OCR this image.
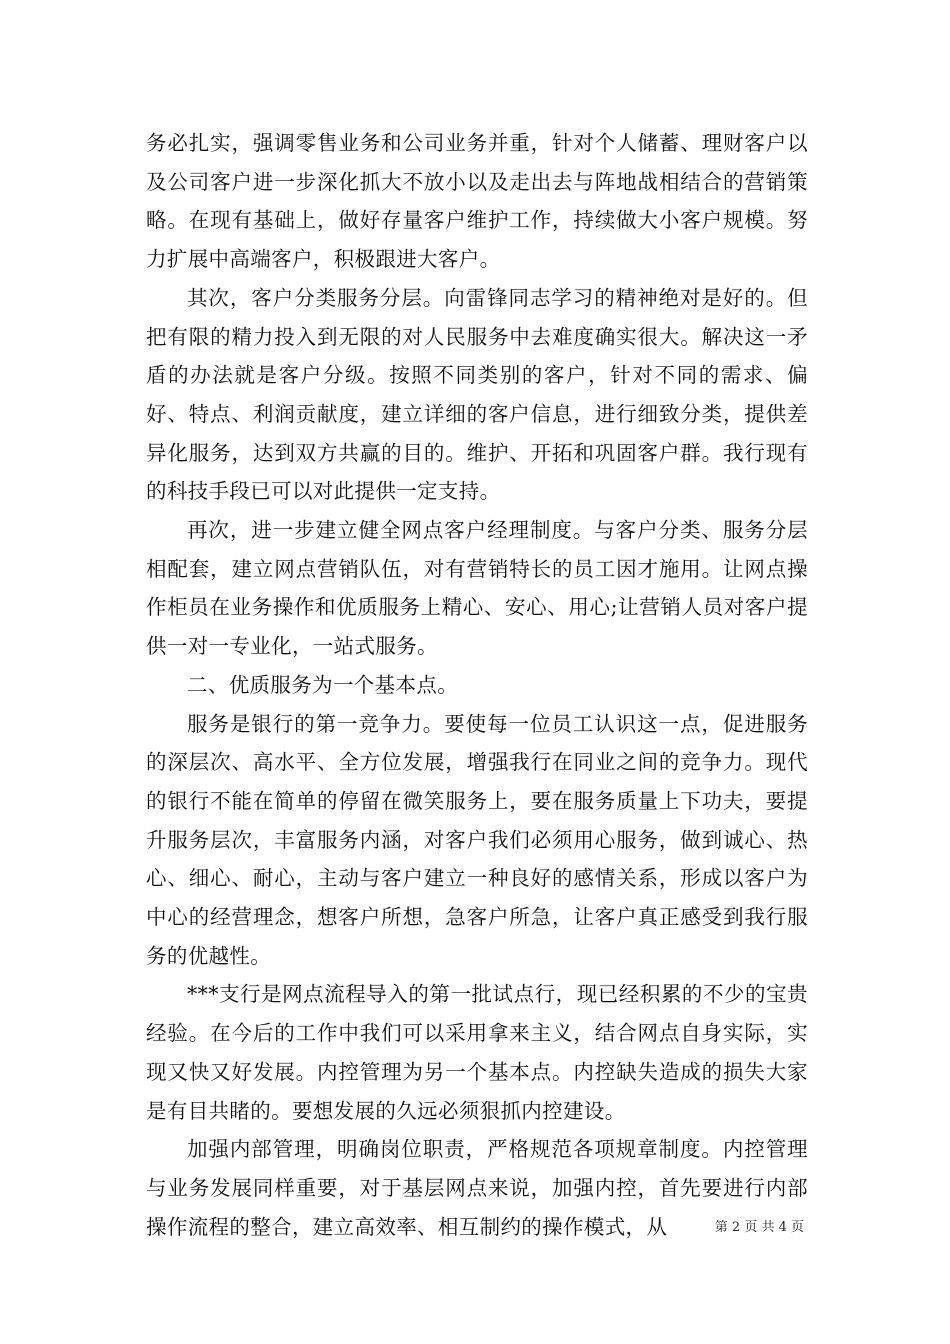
务必扎实，强调零售业务和公司业务并重，针对个人储蓄、理财客户以及公司客户进一步深化抓大不放小以及走出去与阵地战相结合的营销策略。在现有基础上，做好存量客户维护工作，持续做大小客户规模。努力扩展中高端客户，积极跟进大客户。

其次，客户分类服务分层。向雷锋同志学习的精神绝对是好的。但把有限的精力投入到无限的对人民服务中去难度确实很大。解决这一矛盾的办法就是客户分级。按照不同类别的客户，针对不同的需求、偏好、特点、利润贡献度，建立详细的客户信息，进行细致分类，提供差异化服务，达到双方共赢的目的。维护、开拓和巩固客户群。我行现有的科技手段已可以对此提供一定支持。

再次，进一步建立健全网点客户经理制度。与客户分类、服务分层相配套，建立网点营销队伍，对有营销特长的员工因才施用。让网点操作柜员在业务操作和优质服务上精心、安心、用心;让营销人员对客户提供一对一专业化，一站式服务。

二、优质服务为一个基本点。

服务是银行的第一竞争力。要使每一位员工认识这一点，促进服务的深层次、高水平、全方位发展，增强我行在同业之间的竞争力。现代的银行不能在简单的停留在微笑服务上，要在服务质量上下功夫，要提升服务层次，丰富服务内涵，对客户我们必须用心服务，做到诚心、热心、细心、耐心，主动与客户建立一种良好的感情关系，形成以客户为中心的经营理念，想客户所想，急客户所急，让客户真正感受到我行服务的优越性。

***支行是网点流程导入的第一批试点行，现已经积累的不少的宝贵经验。在今后的工作中我们可以采用拿来主义，结合网点自身实际，实现又快又好发展。内控管理为另一个基本点。内控缺失造成的损失大家是有目共睹的。要想发展的久远必须狠抓内控建设。

加强内部管理，明确岗位职责，严格规范各项规章制度。内控管理与业务发展同样重要，对于基层网点来说，加强内控，首先要进行内部操作流程的整合，建立高效率、相互制约的操作模式，从	第 2 页 共 4 页
